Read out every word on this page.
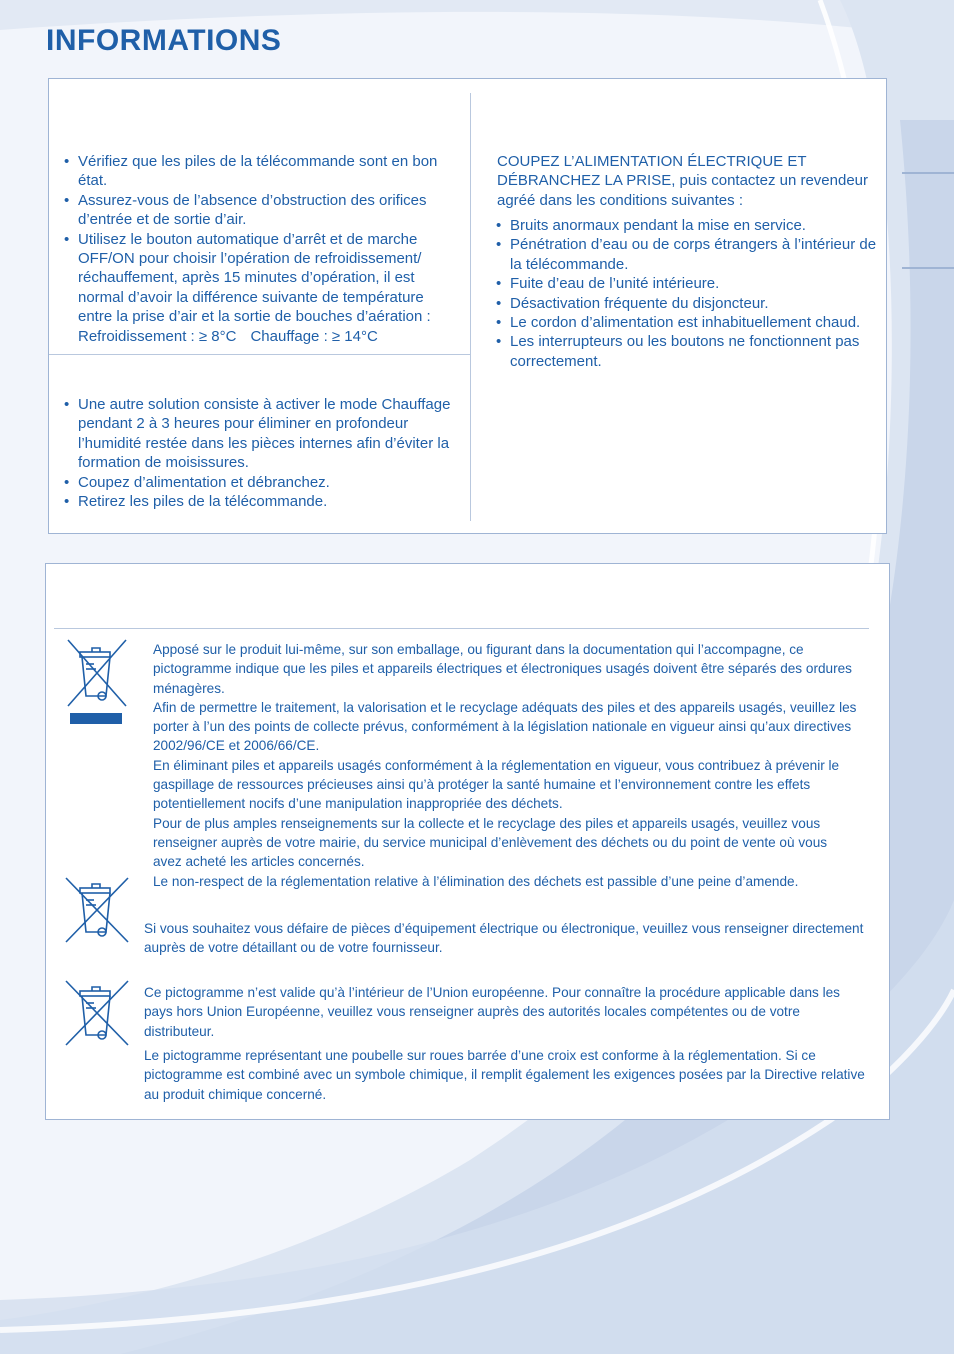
INFORMATIONS
• Vérifiez que les piles de la télécommande sont en bon état.
• Assurez-vous de l’absence d’obstruction des orifices d’entrée et de sortie d’air.
• Utilisez le bouton automatique d’arrêt et de marche OFF/ON pour choisir l’opération de refroidissement/ réchauffement, après 15 minutes d’opération, il est normal d’avoir la différence suivante de température entre la prise d’air et la sortie de bouches d’aération :
Refroidissement : ≥ 8°C Chauffage : ≥ 14°C
• Une autre solution consiste à activer le mode Chauffage pendant 2 à 3 heures pour éliminer en profondeur l’humidité restée dans les pièces internes afin d’éviter la formation de moisissures.
• Coupez d’alimentation et débranchez.
• Retirez les piles de la télécommande.

COUPEZ L’ALIMENTATION ÉLECTRIQUE ET DÉBRANCHEZ LA PRISE, puis contactez un revendeur agréé dans les conditions suivantes :

• Bruits anormaux pendant la mise en service.
• Pénétration d’eau ou de corps étrangers à l’intérieur de la télécommande.
• Fuite d’eau de l’unité intérieure.
• Désactivation fréquente du disjoncteur.
• Le cordon d’alimentation est inhabituellement chaud.
• Les interrupteurs ou les boutons ne fonctionnent pas correctement.

Apposé sur le produit lui-même, sur son emballage, ou figurant dans la documentation qui l’accompagne, ce pictogramme indique que les piles et appareils électriques et électroniques usagés doivent être séparés des ordures ménagères.

Afin de permettre le traitement, la valorisation et le recyclage adéquats des piles et des appareils usagés, veuillez les porter à l’un des points de collecte prévus, conformément à la législation nationale en vigueur ainsi qu’aux directives 2002/96/CE et 2006/66/CE.

En éliminant piles et appareils usagés conformément à la réglementation en vigueur, vous contribuez à prévenir le gaspillage de ressources précieuses ainsi qu’à protéger la santé humaine et l’environnement contre les effets potentiellement nocifs d’une manipulation inappropriée des déchets.

Pour de plus amples renseignements sur la collecte et le recyclage des piles et appareils usagés, veuillez vous renseigner auprès de votre mairie, du service municipal d’enlèvement des déchets ou du point de vente où vous avez acheté les articles concernés.

Le non-respect de la réglementation relative à l’élimination des déchets est passible d’une peine d’amende.

Si vous souhaitez vous défaire de pièces d’équipement électrique ou électronique, veuillez vous renseigner directement auprès de votre détaillant ou de votre fournisseur.

Ce pictogramme n’est valide qu’à l’intérieur de l’Union européenne. Pour connaître la procédure applicable dans les pays hors Union Européenne, veuillez vous renseigner auprès des autorités locales compétentes ou de votre distributeur.

Le pictogramme représentant une poubelle sur roues barrée d’une croix est conforme à la réglementation. Si ce pictogramme est combiné avec un symbole chimique, il remplit également les exigences posées par la Directive relative au produit chimique concerné.
